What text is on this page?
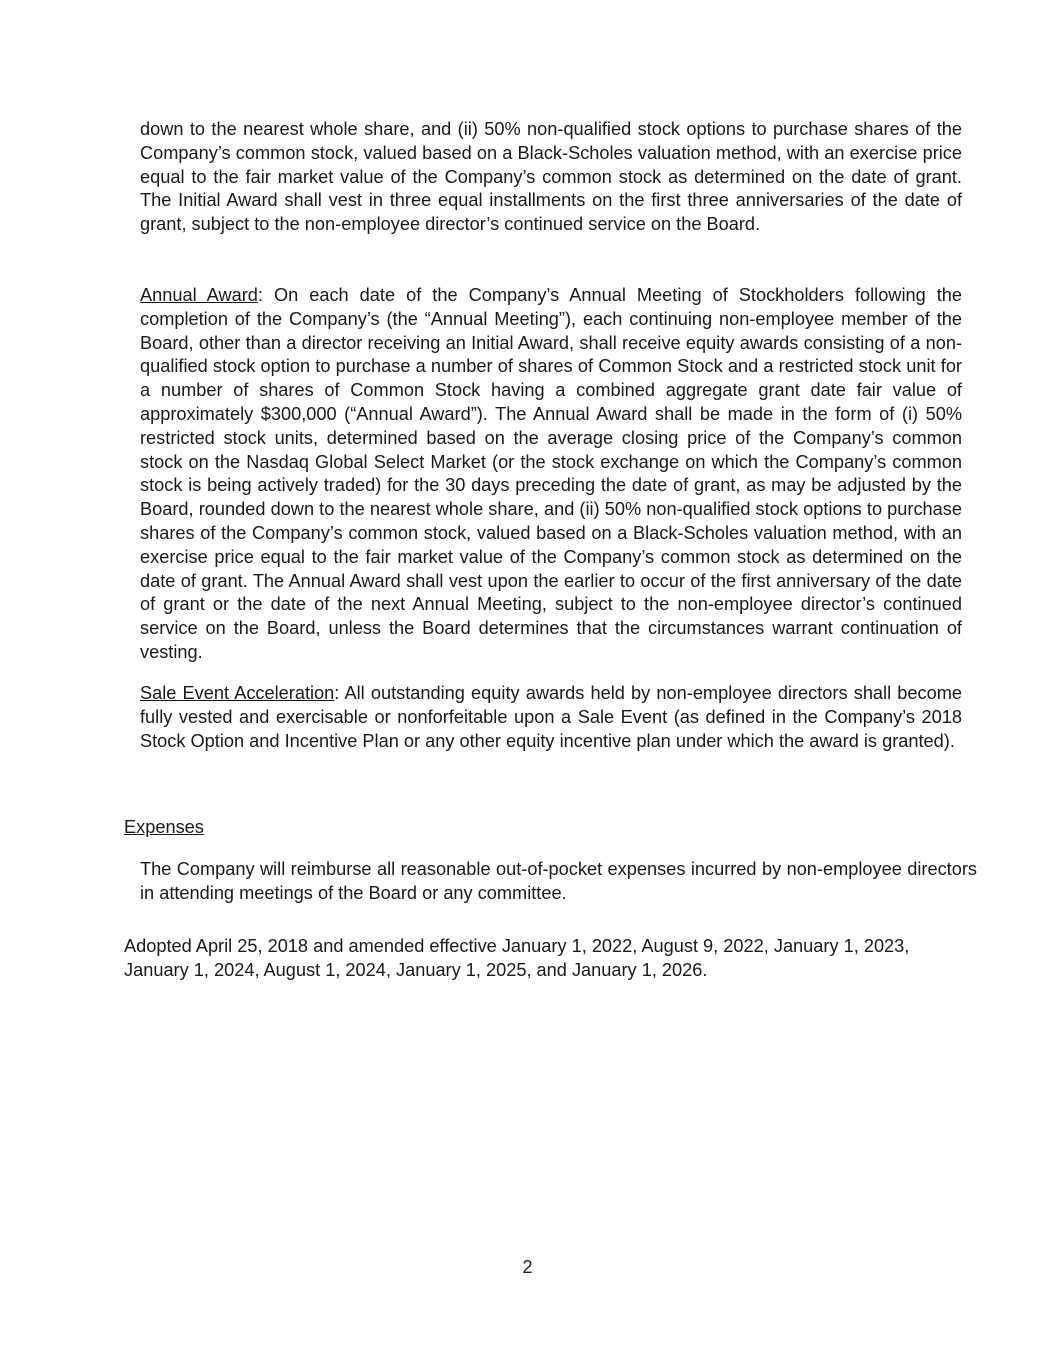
down to the nearest whole share, and (ii) 50% non-qualified stock options to purchase shares of the Company’s common stock, valued based on a Black-Scholes valuation method, with an exercise price equal to the fair market value of the Company’s common stock as determined on the date of grant. The Initial Award shall vest in three equal installments on the first three anniversaries of the date of grant, subject to the non-employee director’s continued service on the Board.

Annual Award: On each date of the Company’s Annual Meeting of Stockholders following the completion of the Company’s (the “Annual Meeting”), each continuing non-employee member of the Board, other than a director receiving an Initial Award, shall receive equity awards consisting of a non-qualified stock option to purchase a number of shares of Common Stock and a restricted stock unit for a number of shares of Common Stock having a combined aggregate grant date fair value of approximately $300,000 (“Annual Award”). The Annual Award shall be made in the form of (i) 50% restricted stock units, determined based on the average closing price of the Company’s common stock on the Nasdaq Global Select Market (or the stock exchange on which the Company’s common stock is being actively traded) for the 30 days preceding the date of grant, as may be adjusted by the Board, rounded down to the nearest whole share, and (ii) 50% non-qualified stock options to purchase shares of the Company’s common stock, valued based on a Black-Scholes valuation method, with an exercise price equal to the fair market value of the Company’s common stock as determined on the date of grant. The Annual Award shall vest upon the earlier to occur of the first anniversary of the date of grant or the date of the next Annual Meeting, subject to the non-employee director’s continued service on the Board, unless the Board determines that the circumstances warrant continuation of vesting.

Sale Event Acceleration: All outstanding equity awards held by non-employee directors shall become fully vested and exercisable or nonforfeitable upon a Sale Event (as defined in the Company’s 2018 Stock Option and Incentive Plan or any other equity incentive plan under which the award is granted).

Expenses

The Company will reimburse all reasonable out-of-pocket expenses incurred by non-employee directors in attending meetings of the Board or any committee.

Adopted April 25, 2018 and amended effective January 1, 2022, August 9, 2022, January 1, 2023,

January 1, 2024, August 1, 2024, January 1, 2025, and January 1, 2026.

2
